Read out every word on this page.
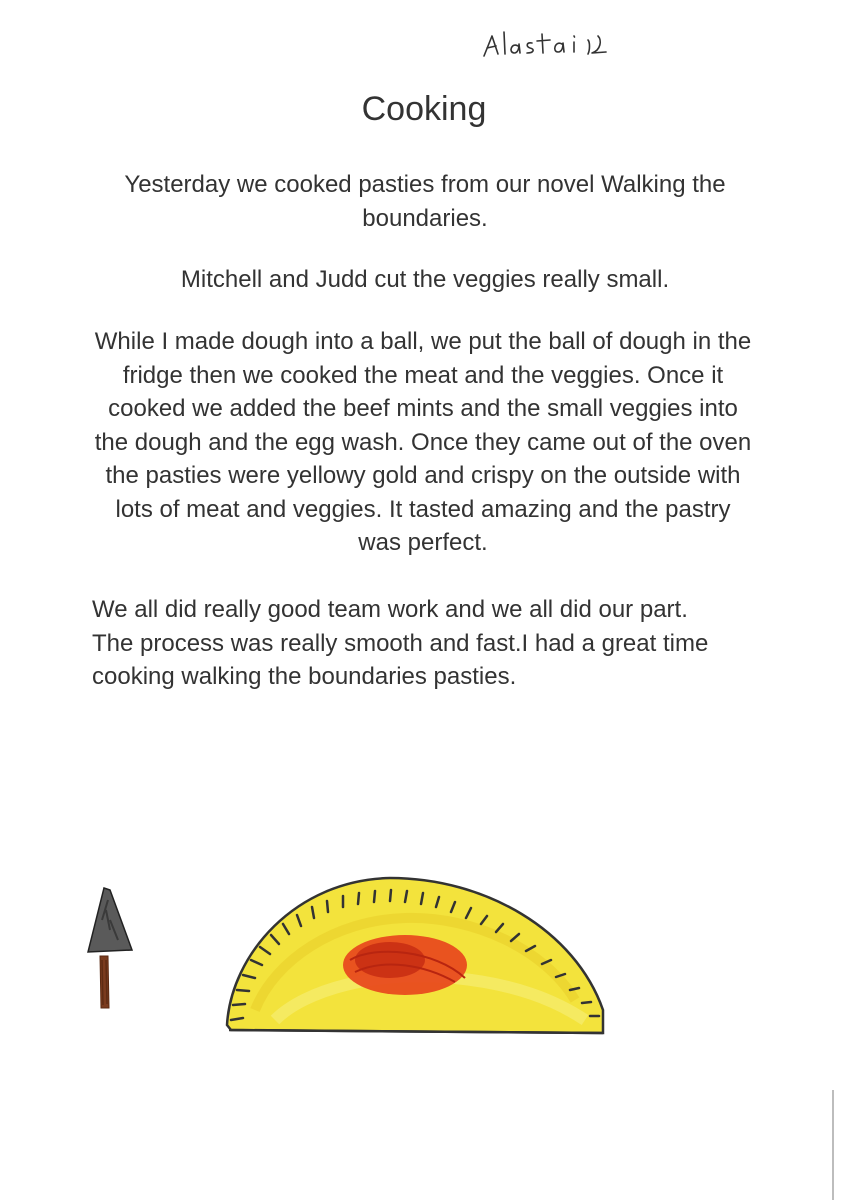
Cooking

Yesterday we cooked pasties from our novel Walking the boundaries.

Mitchell and Judd cut the veggies really small.

While I made dough into a ball, we put the ball of dough in the fridge then we cooked the meat and the veggies. Once it cooked we added the beef mints and the small veggies into the dough and the egg wash. Once they came out of the oven the pasties were yellowy gold and crispy on the outside with lots of meat and veggies. It tasted amazing and the pastry was perfect.

We all did really good team work and we all did our part. The process was really smooth and fast.I had a great time cooking walking the boundaries pasties.
